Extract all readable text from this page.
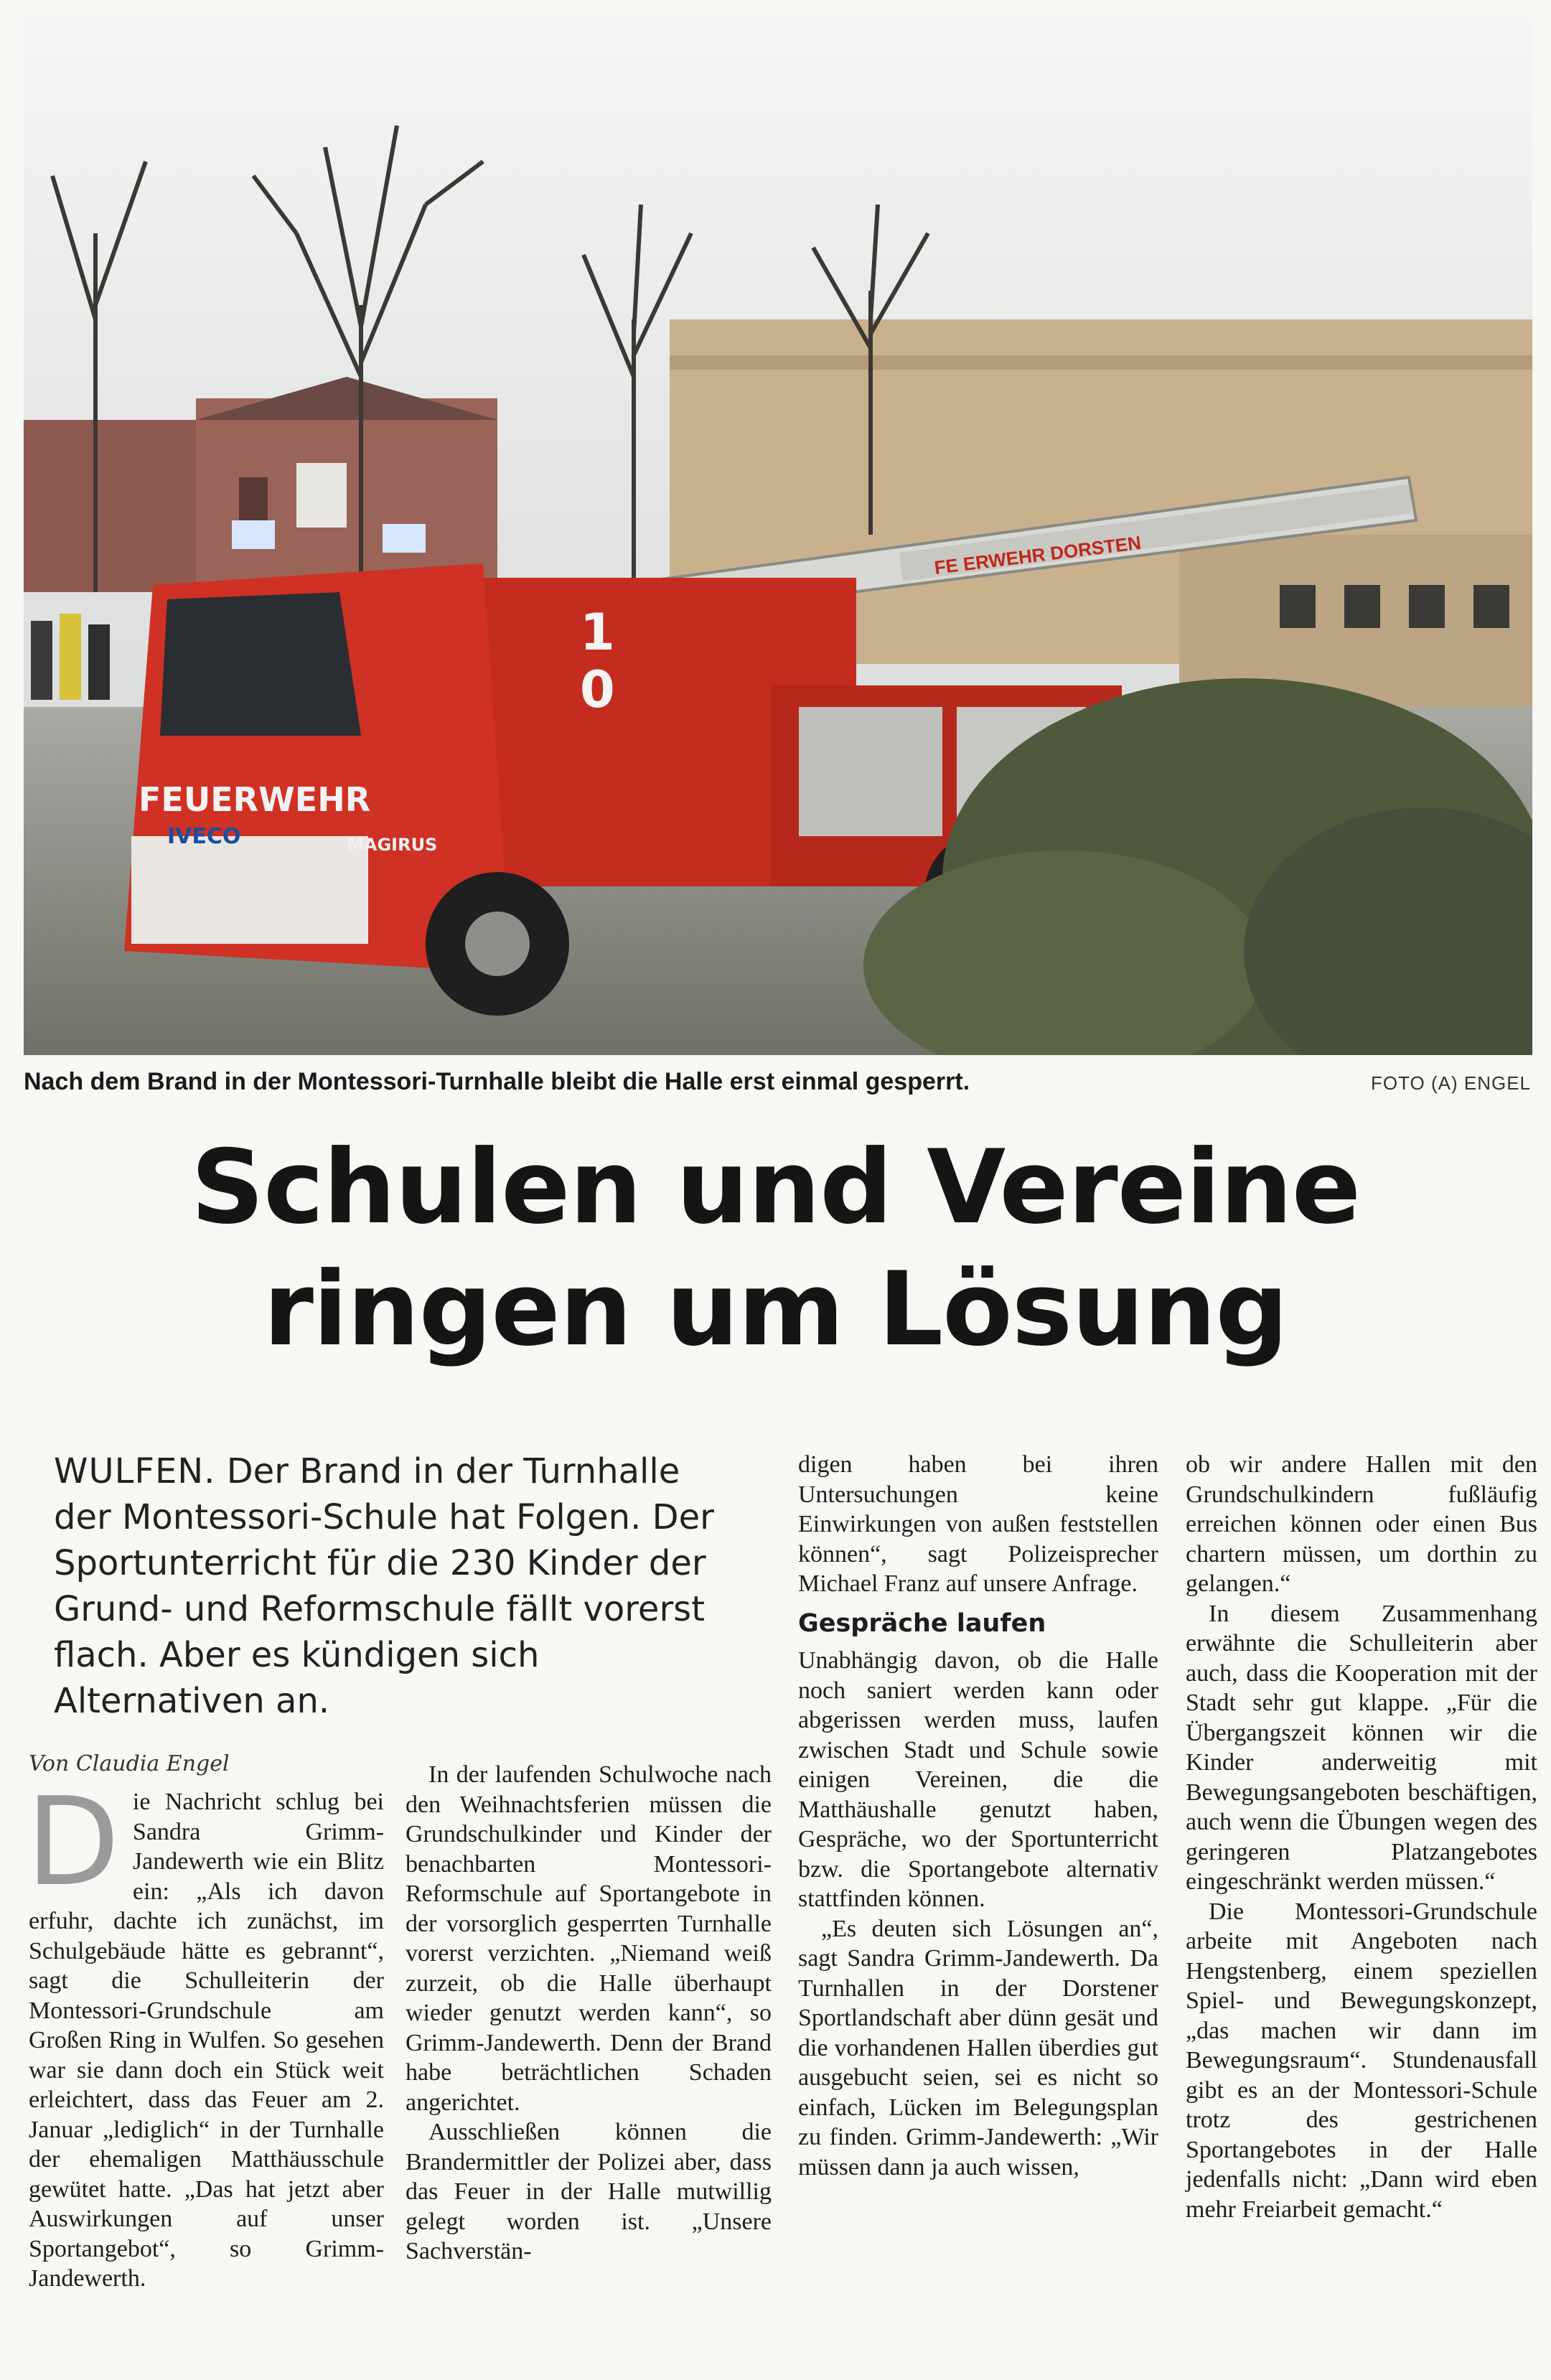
FE ERWEHR DORSTEN
FEUERWEHR
IVECO	MAGIRUS
1
0
Nach dem Brand in der Montessori-Turnhalle bleibt die Halle erst einmal gesperrt.	FOTO (A) ENGEL
Schulen und Vereine
ringen um Lösung
WULFEN. Der Brand in der Turnhalle der Montessori-Schule hat Folgen. Der Sportunterricht für die 230 Kinder der Grund- und Reformschule fällt vorerst flach. Aber es kündigen sich Alternativen an.
Von Claudia Engel
D ie Nachricht schlug bei Sandra Grimm-Jandewerth wie ein Blitz ein: „Als ich davon erfuhr, dachte ich zunächst, im Schulgebäude hätte es gebrannt“, sagt die Schulleiterin der Montessori-Grundschule am Großen Ring in Wulfen. So gesehen war sie dann doch ein Stück weit erleichtert, dass das Feuer am 2. Januar „lediglich“ in der Turnhalle der ehemaligen Matthäusschule gewütet hatte. „Das hat jetzt aber Auswirkungen auf unser Sportangebot“, so Grimm-Jandewerth.

In der laufenden Schulwoche nach den Weihnachtsferien müssen die Grundschulkinder und Kinder der benachbarten Montessori-Reformschule auf Sportangebote in der vorsorglich gesperrten Turnhalle vorerst verzichten. „Niemand weiß zurzeit, ob die Halle überhaupt wieder genutzt werden kann“, so Grimm-Jandewerth. Denn der Brand habe beträchtlichen Schaden angerichtet.

Ausschließen können die Brandermittler der Polizei aber, dass das Feuer in der Halle mutwillig gelegt worden ist. „Unsere Sachverstän-

digen haben bei ihren Untersuchungen keine Einwirkungen von außen feststellen können“, sagt Polizeisprecher Michael Franz auf unsere Anfrage.

Gespräche laufen

Unabhängig davon, ob die Halle noch saniert werden kann oder abgerissen werden muss, laufen zwischen Stadt und Schule sowie einigen Vereinen, die die Matthäushalle genutzt haben, Gespräche, wo der Sportunterricht bzw. die Sportangebote alternativ stattfinden können.

„Es deuten sich Lösungen an“, sagt Sandra Grimm-Jandewerth. Da Turnhallen in der Dorstener Sportlandschaft aber dünn gesät und die vorhandenen Hallen überdies gut ausgebucht seien, sei es nicht so einfach, Lücken im Belegungsplan zu finden. Grimm-Jandewerth: „Wir müssen dann ja auch wissen,

ob wir andere Hallen mit den Grundschulkindern fußläufig erreichen können oder einen Bus chartern müssen, um dorthin zu gelangen.“

In diesem Zusammenhang erwähnte die Schulleiterin aber auch, dass die Kooperation mit der Stadt sehr gut klappe. „Für die Übergangszeit können wir die Kinder anderweitig mit Bewegungsangeboten beschäftigen, auch wenn die Übungen wegen des geringeren Platzangebotes eingeschränkt werden müssen.“

Die Montessori-Grundschule arbeite mit Angeboten nach Hengstenberg, einem speziellen Spiel- und Bewegungskonzept, „das machen wir dann im Bewegungsraum“. Stundenausfall gibt es an der Montessori-Schule trotz des gestrichenen Sportangebotes in der Halle jedenfalls nicht: „Dann wird eben mehr Freiarbeit gemacht.“
